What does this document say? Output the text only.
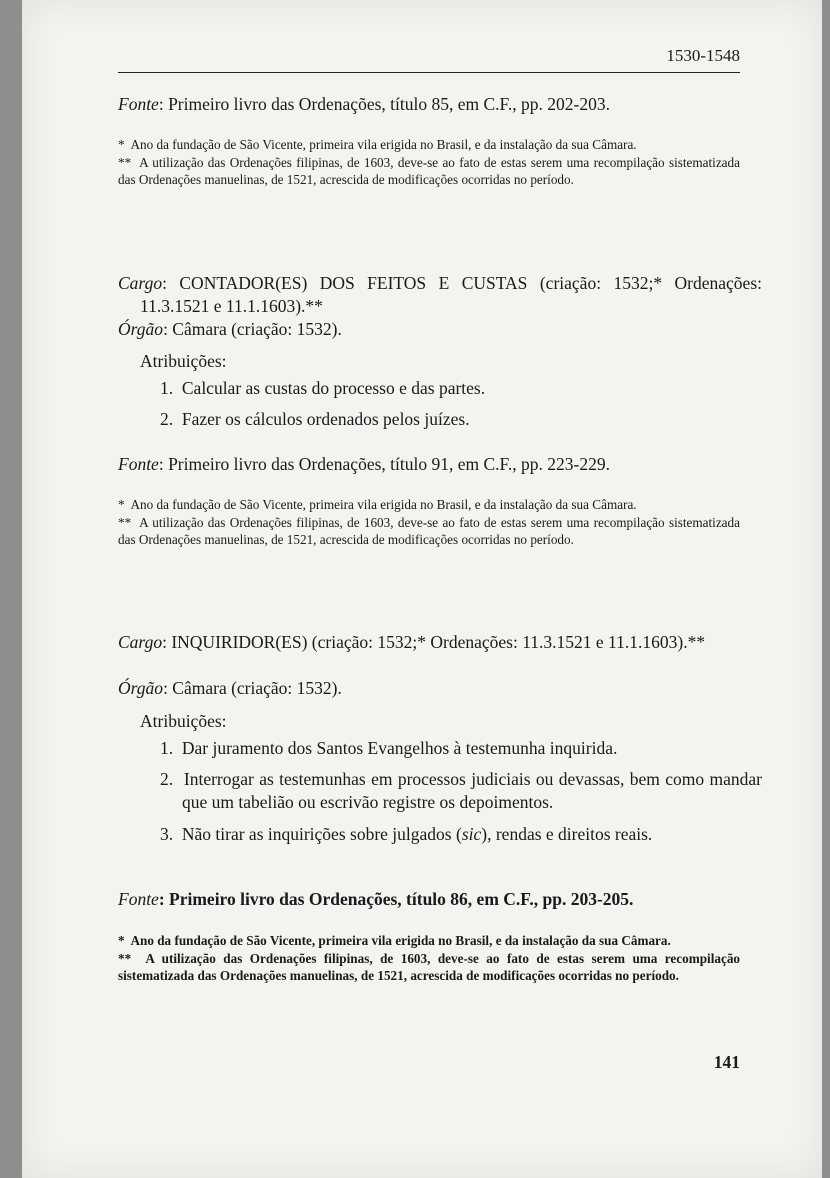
1530-1548
Fonte: Primeiro livro das Ordenações, título 85, em C.F., pp. 202-203.

* Ano da fundação de São Vicente, primeira vila erigida no Brasil, e da instalação da sua Câmara.

** A utilização das Ordenações filipinas, de 1603, deve-se ao fato de estas serem uma recompilação sistematizada das Ordenações manuelinas, de 1521, acrescida de modificações ocorridas no período.

Cargo: CONTADOR(ES) DOS FEITOS E CUSTAS (criação: 1532;* Ordenações: 11.3.1521 e 11.1.1603).**
Órgão: Câmara (criação: 1532).
Atribuições:
1. Calcular as custas do processo e das partes.
2. Fazer os cálculos ordenados pelos juízes.
Fonte: Primeiro livro das Ordenações, título 91, em C.F., pp. 223-229.

* Ano da fundação de São Vicente, primeira vila erigida no Brasil, e da instalação da sua Câmara.

** A utilização das Ordenações filipinas, de 1603, deve-se ao fato de estas serem uma recompilação sistematizada das Ordenações manuelinas, de 1521, acrescida de modificações ocorridas no período.

Cargo: INQUIRIDOR(ES) (criação: 1532;* Ordenações: 11.3.1521 e 11.1.1603).**
Órgão: Câmara (criação: 1532).
Atribuições:
1. Dar juramento dos Santos Evangelhos à testemunha inquirida.
2. Interrogar as testemunhas em processos judiciais ou devassas, bem como mandar que um tabelião ou escrivão registre os depoimentos.
3. Não tirar as inquirições sobre julgados (sic), rendas e direitos reais.
Fonte: Primeiro livro das Ordenações, título 86, em C.F., pp. 203-205.

* Ano da fundação de São Vicente, primeira vila erigida no Brasil, e da instalação da sua Câmara.

** A utilização das Ordenações filipinas, de 1603, deve-se ao fato de estas serem uma recompilação sistematizada das Ordenações manuelinas, de 1521, acrescida de modificações ocorridas no período.

141
